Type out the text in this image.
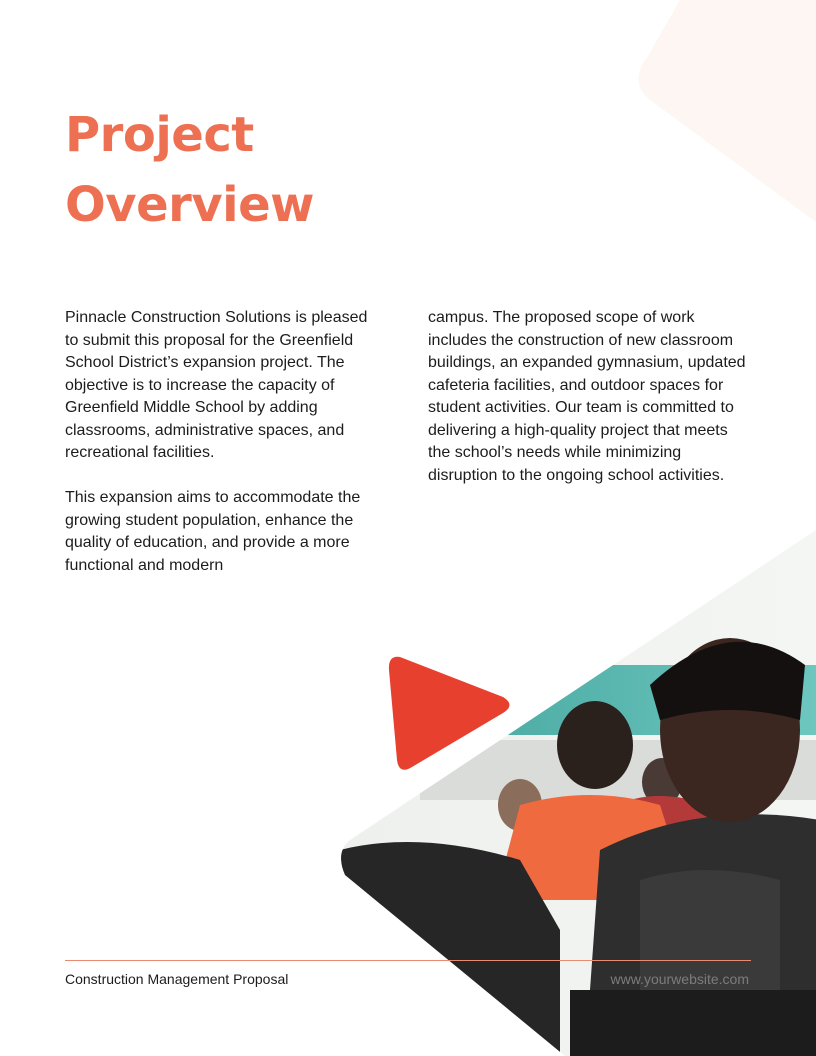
Project
Overview

Pinnacle Construction Solutions is pleased to submit this proposal for the Greenfield School District’s expansion project. The objective is to increase the capacity of Greenfield Middle School by adding classrooms, administrative spaces, and recreational facilities.

This expansion aims to accommodate the growing student population, enhance the quality of education, and provide a more functional and modern

campus. The proposed scope of work includes the construction of new classroom buildings, an expanded gymnasium, updated cafeteria facilities, and outdoor spaces for student activities. Our team is committed to delivering a high-quality project that meets the school’s needs while minimizing disruption to the ongoing school activities.

Construction Management Proposal	www.yourwebsite.com
